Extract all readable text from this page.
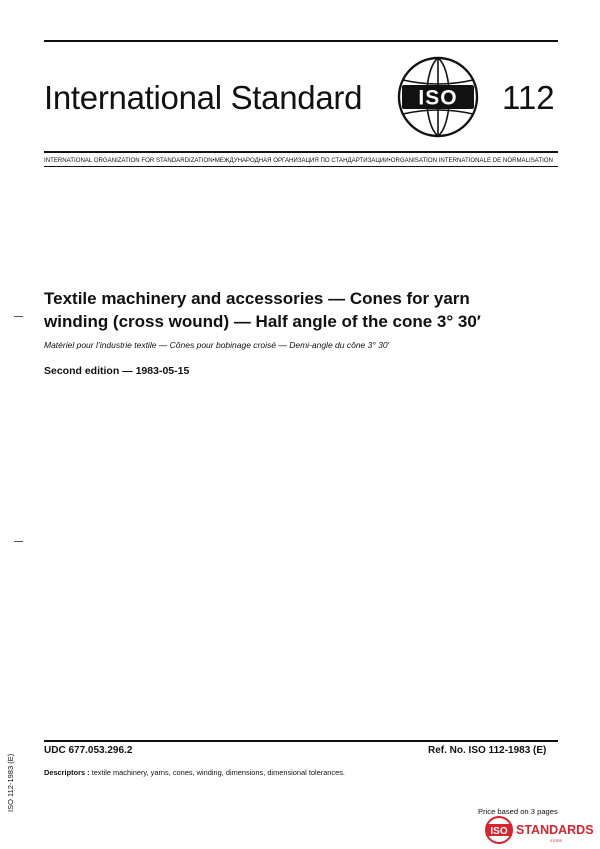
International Standard	ISO 112
INTERNATIONAL ORGANIZATION FOR STANDARDIZATION•МЕЖДУНАРОДНАЯ ОРГАНИЗАЦИЯ ПО СТАНДАРТИЗАЦИИ•ORGANISATION INTERNATIONALE DE NORMALISATION
Textile machinery and accessories — Cones for yarn
winding (cross wound) — Half angle of the cone 3° 30′
Matériel pour l’industrie textile — Cônes pour bobinage croisé — Demi-angle du cône 3° 30′
Second edition — 1983-05-15
UDC 677.053.296.2	Ref. No. ISO 112-1983 (E)
Descriptors : textile machinery, yarns, cones, winding, dimensions, dimensional tolerances.
Price based on 3 pages
ISO 112-1983 (E)
ISO STANDARDS
STORE
